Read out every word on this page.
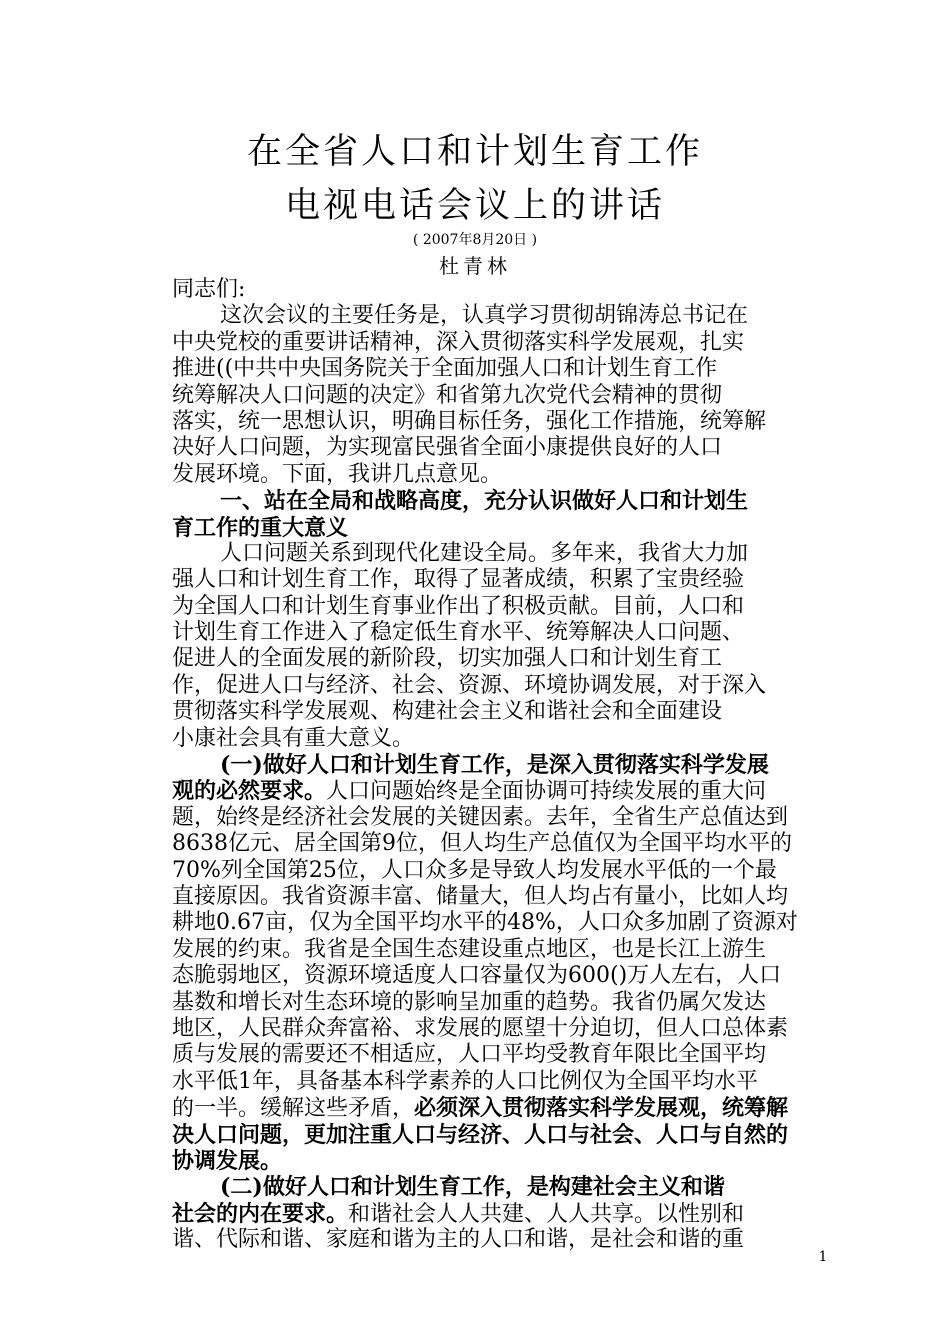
在全省人口和计划生育工作
电视电话会议上的讲话
( 2007年8月20日 )
杜青林
同志们:
这次会议的主要任务是，认真学习贯彻胡锦涛总书记在
中央党校的重要讲话精神，深入贯彻落实科学发展观，扎实
推进((中共中央国务院关于全面加强人口和计划生育工作
统筹解决人口问题的决定》和省第九次党代会精神的贯彻
落实，统一思想认识，明确目标任务，强化工作措施，统筹解
决好人口问题，为实现富民强省全面小康提供良好的人口
发展环境。下面，我讲几点意见。
一、站在全局和战略高度，充分认识做好人口和计划生
育工作的重大意义
人口问题关系到现代化建设全局。多年来，我省大力加
强人口和计划生育工作，取得了显著成绩，积累了宝贵经验
为全国人口和计划生育事业作出了积极贡献。目前，人口和
计划生育工作进入了稳定低生育水平、统筹解决人口问题、
促进人的全面发展的新阶段，切实加强人口和计划生育工
作，促进人口与经济、社会、资源、环境协调发展，对于深入
贯彻落实科学发展观、构建社会主义和谐社会和全面建设
小康社会具有重大意义。
(一)做好人口和计划生育工作，是深入贯彻落实科学发展
观的必然要求。人口问题始终是全面协调可持续发展的重大问
题，始终是经济社会发展的关键因素。去年，全省生产总值达到
8638亿元、居全国第9位，但人均生产总值仅为全国平均水平的
70%列全国第25位，人口众多是导致人均发展水平低的一个最
直接原因。我省资源丰富、储量大，但人均占有量小，比如人均
耕地0.67亩，仅为全国平均水平的48%，人口众多加剧了资源对
发展的约束。我省是全国生态建设重点地区，也是长江上游生
态脆弱地区，资源环境适度人口容量仅为600()万人左右，人口
基数和增长对生态环境的影响呈加重的趋势。我省仍属欠发达
地区，人民群众奔富裕、求发展的愿望十分迫切，但人口总体素
质与发展的需要还不相适应，人口平均受教育年限比全国平均
水平低1年，具备基本科学素养的人口比例仅为全国平均水平
的一半。缓解这些矛盾，必须深入贯彻落实科学发展观，统筹解
决人口问题，更加注重人口与经济、人口与社会、人口与自然的
协调发展。
(二)做好人口和计划生育工作，是构建社会主义和谐
社会的内在要求。和谐社会人人共建、人人共享。以性别和
谐、代际和谐、家庭和谐为主的人口和谐，是社会和谐的重
1
